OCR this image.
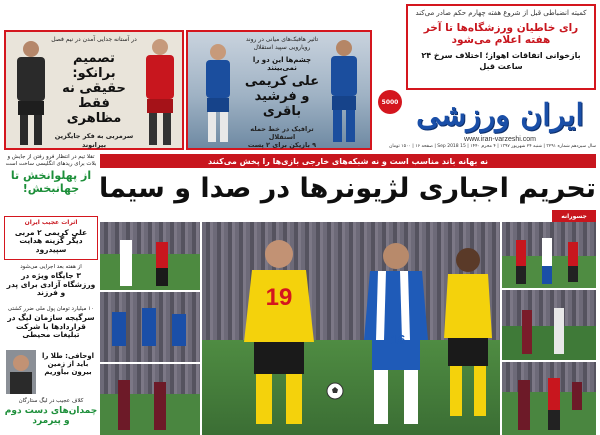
کمیته انضباطی قبل از شروع هفته چهارم حکم صادر می‌کند
رای خاطیان ورزشگاه‌ها تا آخر هفته اعلام می‌شود
بازخوانی اتفاقات اهواز؛ اختلاف سرخ ۲۴ ساعت قبل
ایران ورزشی
5000
www.iran-varzeshi.com
سال سیزدهم شماره ۳۲۹۱ | شنبه ۲۴ شهریور ۱۳۹۷ | ۴ محرم ۱۴۴۰ | 15 Sep 2018 | صفحه ۱۶ | ۱۵۰۰ تومان
تاثیر هافبک‌های میانی در روند رویارویی سپید استقلال
چشم‌ها این دو را نمی‌بینند
علی کریمی
و فرشید باقری
ترافیک در خط حمله استقلال
۹ بازیکن برای ۲ پست
در آستانه جدایی آمدن در نیم فصل
تصمیم برانکو:
حقیقی نه
فقط مظاهری
سرمربی به فکر جایگزین بیرانوند
نه بهانه باند مناسب است و نه شبکه‌های خارجی بازی‌ها را پخش می‌کنند
تحریم اجباری لژیونرها در صدا و سیما
جسورانه
19
16
تقلا تیم در انتظار فرو رفتن از جایش و بلات برای ریدهای انگلیسی ساخت است
از پهلوانخش تا جهانبخش!
اثرات عجیب ایران
علی کریمی ۲ مربی دیگر گزینه هدایت سپیدرود
از هفته بعد اجرایی می‌شود
۳ جایگاه ویژه در ورزشگاه آزادی برای پدر و فرزند
۱۰ میلیارد تومان پول ملی ضرر کشتی
سرگیجه سازمان لیگ در قراردادها با شرکت تبلیغات محیطی
اوحافی: طلا را باید از زمین بیرون بیاوریم
کلاف عجیب در لیگ ستارگان
چمدان‌های دست دوم و پیرمرد
